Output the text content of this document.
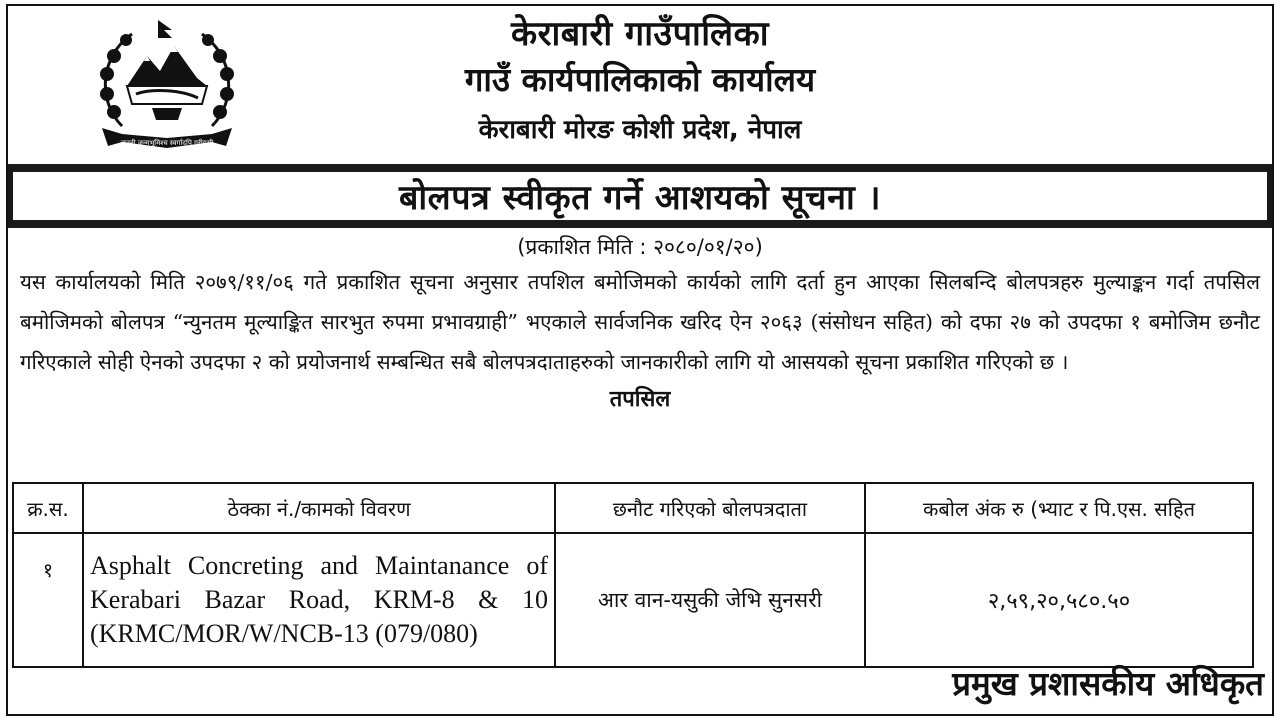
जननी जन्मभूमिश्च स्वर्गादपि गरीयसी
केराबारी गाउँपालिका
गाउँ कार्यपालिकाको कार्यालय
केराबारी मोरङ कोशी प्रदेश, नेपाल
बोलपत्र स्वीकृत गर्ने आशयको सूचना ।
(प्रकाशित मिति : २०८०/०१/२०)
यस कार्यालयको मिति २०७९/११/०६ गते प्रकाशित सूचना अनुसार तपशिल बमोजिमको कार्यको लागि दर्ता हुन आएका सिलबन्दि बोलपत्रहरु मुल्याङ्कन गर्दा तपसिल बमोजिमको बोलपत्र “न्युनतम मूल्याङ्कित सारभुत रुपमा प्रभावग्राही” भएकाले सार्वजनिक खरिद ऐन २०६३ (संसोधन सहित) को दफा २७ को उपदफा १ बमोजिम छनौट गरिएकाले सोही ऐनको उपदफा २ को प्रयोजनार्थ सम्बन्धित सबै बोलपत्रदाताहरुको जानकारीको लागि यो आसयको सूचना प्रकाशित गरिएको छ ।
तपसिल
क्र.स.	ठेक्का नं./कामको विवरण	छनौट गरिएको बोलपत्रदाता	कबोल अंक रु (भ्याट र पि.एस. सहित
१	Asphalt Concreting and Maintanance of Kerabari Bazar Road, KRM-8 & 10 (KRMC/MOR/W/NCB-13 (079/080)	आर वान-यसुकी जेभि सुनसरी	२,५९,२०,५८०.५०
प्रमुख प्रशासकीय अधिकृत
